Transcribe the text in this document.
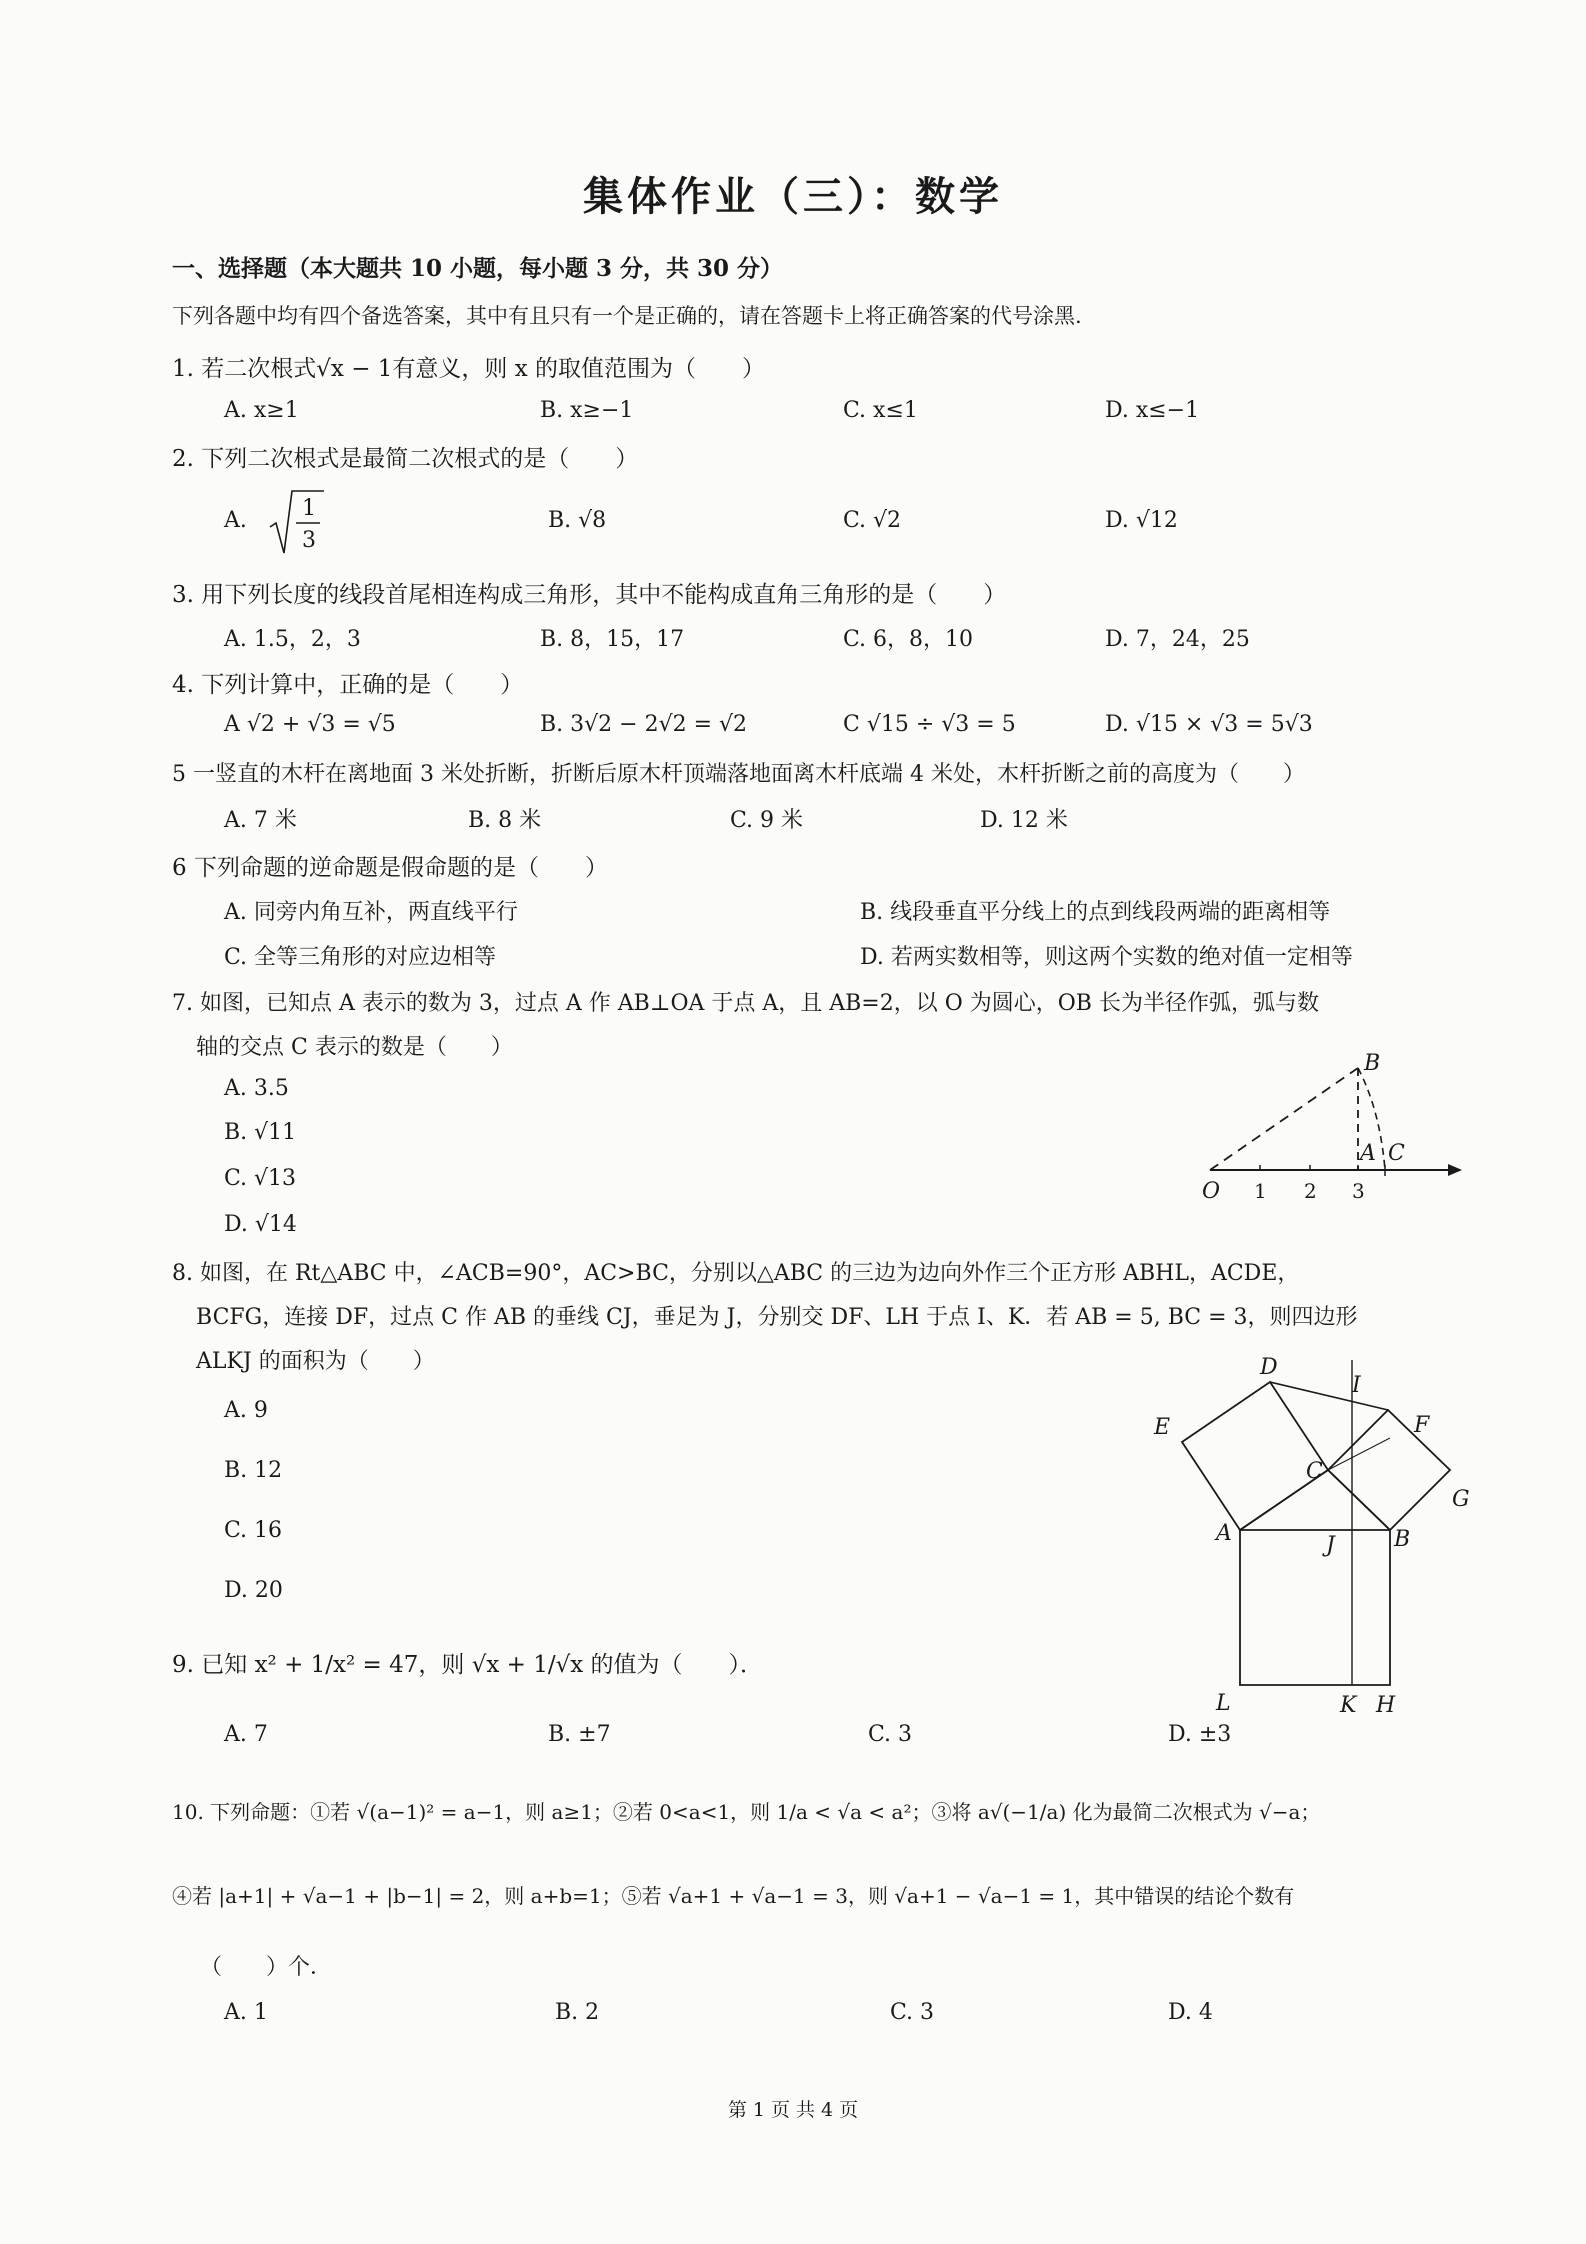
集体作业（三）：数学
一、选择题（本大题共 10 小题，每小题 3 分，共 30 分）
下列各题中均有四个备选答案，其中有且只有一个是正确的，请在答题卡上将正确答案的代号涂黑.
1. 若二次根式√x − 1有意义，则 x 的取值范围为（　　）
A. x≥1	B. x≥−1	C. x≤1	D. x≤−1
2. 下列二次根式是最简二次根式的是（　　）
A.	1
3
B. √8	C. √2	D. √12
3. 用下列长度的线段首尾相连构成三角形，其中不能构成直角三角形的是（　　）
A. 1.5，2，3	B. 8，15，17	C. 6，8，10	D. 7，24，25
4. 下列计算中，正确的是（　　）
A √2 + √3 = √5	B. 3√2 − 2√2 = √2	C √15 ÷ √3 = 5	D. √15 × √3 = 5√3
5 一竖直的木杆在离地面 3 米处折断，折断后原木杆顶端落地面离木杆底端 4 米处，木杆折断之前的高度为（　　）
A. 7 米	B. 8 米	C. 9 米	D. 12 米
6 下列命题的逆命题是假命题的是（　　）
A. 同旁内角互补，两直线平行	B. 线段垂直平分线上的点到线段两端的距离相等
C. 全等三角形的对应边相等	D. 若两实数相等，则这两个实数的绝对值一定相等
7. 如图，已知点 A 表示的数为 3，过点 A 作 AB⊥OA 于点 A，且 AB=2，以 O 为圆心，OB 长为半径作弧，弧与数
轴的交点 C 表示的数是（　　）
A. 3.5
B. √11
C. √13
D. √14
B
A C
O 1 2 3
8. 如图，在 Rt△ABC 中，∠ACB=90°，AC>BC，分别以△ABC 的三边为边向外作三个正方形 ABHL，ACDE，
BCFG，连接 DF，过点 C 作 AB 的垂线 CJ，垂足为 J，分别交 DF、LH 于点 I、K．若 AB = 5, BC = 3，则四边形
ALKJ 的面积为（　　）
A. 9
B. 12
C. 16
D. 20
D
I
E	F
C
G
A	J	B
L	K H
9. 已知 x² + 1/x² = 47，则 √x + 1/√x 的值为（　　）．
A. 7	B. ±7	C. 3	D. ±3
10. 下列命题：①若 √(a−1)² = a−1，则 a≥1；②若 0<a<1，则 1/a < √a < a²；③将 a√(−1/a) 化为最简二次根式为 √−a；
④若 |a+1| + √a−1 + |b−1| = 2，则 a+b=1；⑤若 √a+1 + √a−1 = 3，则 √a+1 − √a−1 = 1，其中错误的结论个数有
（　　）个．
A. 1	B. 2	C. 3	D. 4
第 1 页 共 4 页
